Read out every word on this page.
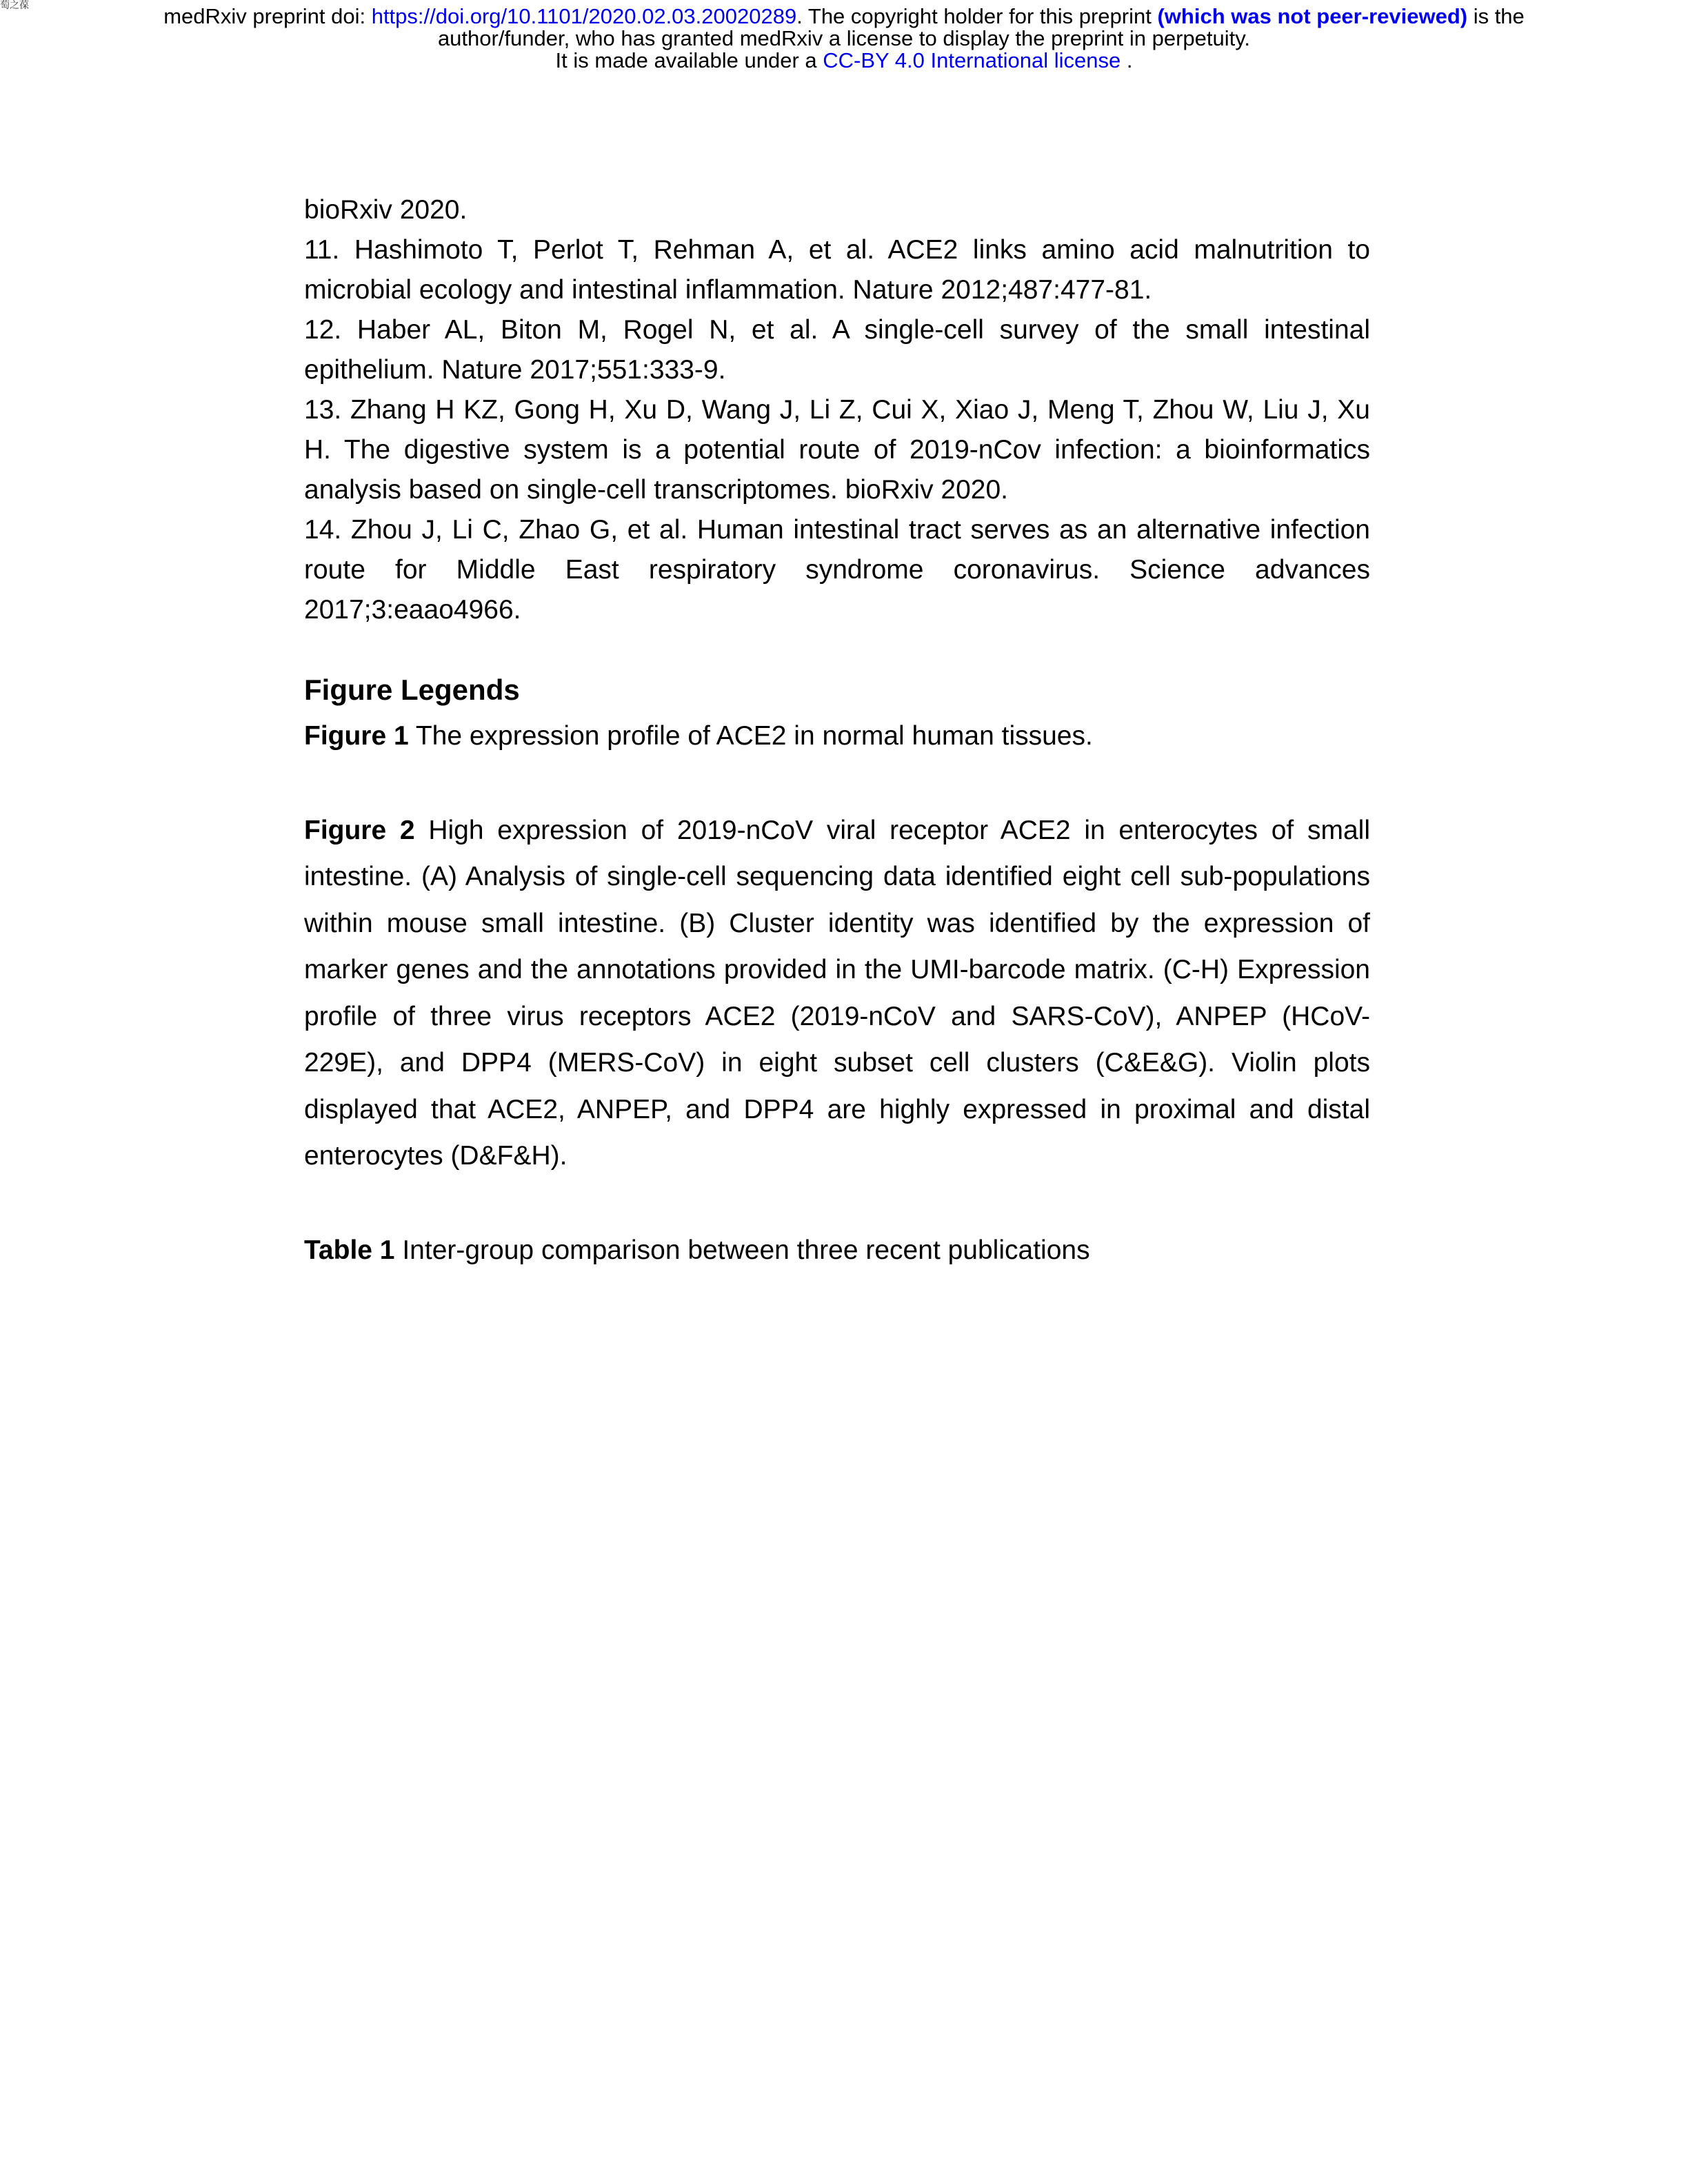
萄之葆	medRxiv preprint doi: https://doi.org/10.1101/2020.02.03.20020289. The copyright holder for this preprint (which was not peer-reviewed) is the
author/funder, who has granted medRxiv a license to display the preprint in perpetuity.
It is made available under a CC-BY 4.0 International license .
bioRxiv 2020.
11. Hashimoto T, Perlot T, Rehman A, et al. ACE2 links amino acid malnutrition to microbial ecology and intestinal inflammation. Nature 2012;487:477-81.
12. Haber AL, Biton M, Rogel N, et al. A single-cell survey of the small intestinal epithelium. Nature 2017;551:333-9.
13. Zhang H KZ, Gong H, Xu D, Wang J, Li Z, Cui X, Xiao J, Meng T, Zhou W, Liu J, Xu H. The digestive system is a potential route of 2019-nCov infection: a bioinformatics analysis based on single-cell transcriptomes. bioRxiv 2020.
14. Zhou J, Li C, Zhao G, et al. Human intestinal tract serves as an alternative infection route for Middle East respiratory syndrome coronavirus. Science advances 2017;3:eaao4966.
Figure Legends

Figure 1 The expression profile of ACE2 in normal human tissues.

Figure 2 High expression of 2019-nCoV viral receptor ACE2 in enterocytes of small intestine. (A) Analysis of single-cell sequencing data identified eight cell sub-populations within mouse small intestine. (B) Cluster identity was identified by the expression of marker genes and the annotations provided in the UMI-barcode matrix. (C-H) Expression profile of three virus receptors ACE2 (2019-nCoV and SARS-CoV), ANPEP (HCoV-229E), and DPP4 (MERS-CoV) in eight subset cell clusters (C&E&G). Violin plots displayed that ACE2, ANPEP, and DPP4 are highly expressed in proximal and distal enterocytes (D&F&H).

Table 1 Inter-group comparison between three recent publications
